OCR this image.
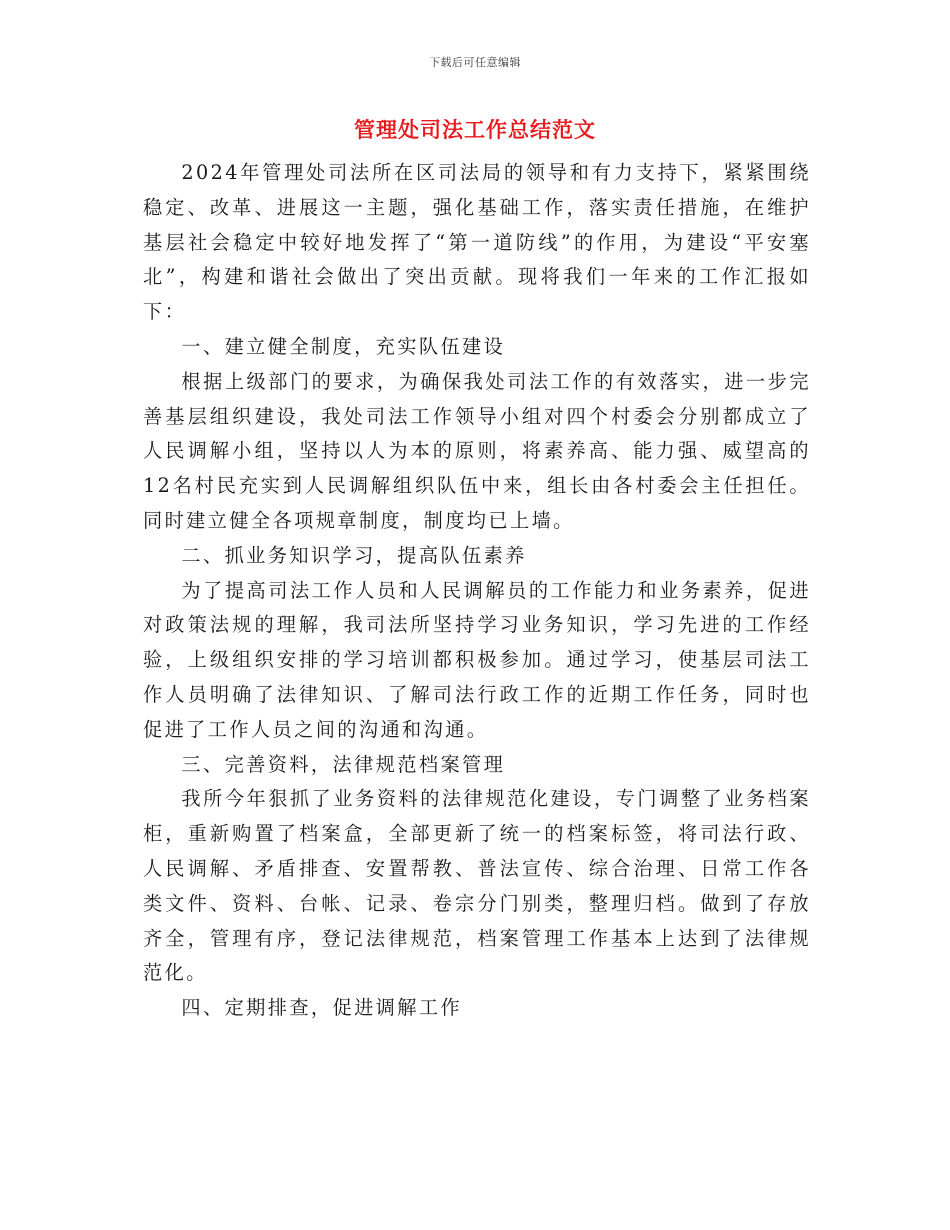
下载后可任意编辑
管理处司法工作总结范文

2024年管理处司法所在区司法局的领导和有力支持下，紧紧围绕稳定、改革、进展这一主题，强化基础工作，落实责任措施，在维护基层社会稳定中较好地发挥了“第一道防线”的作用，为建设“平安塞北”，构建和谐社会做出了突出贡献。现将我们一年来的工作汇报如下：

一、建立健全制度，充实队伍建设

根据上级部门的要求，为确保我处司法工作的有效落实，进一步完善基层组织建设，我处司法工作领导小组对四个村委会分别都成立了人民调解小组，坚持以人为本的原则，将素养高、能力强、威望高的12名村民充实到人民调解组织队伍中来，组长由各村委会主任担任。同时建立健全各项规章制度，制度均已上墙。

二、抓业务知识学习，提高队伍素养

为了提高司法工作人员和人民调解员的工作能力和业务素养，促进对政策法规的理解，我司法所坚持学习业务知识，学习先进的工作经验，上级组织安排的学习培训都积极参加。通过学习，使基层司法工作人员明确了法律知识、了解司法行政工作的近期工作任务，同时也促进了工作人员之间的沟通和沟通。

三、完善资料，法律规范档案管理

我所今年狠抓了业务资料的法律规范化建设，专门调整了业务档案柜，重新购置了档案盒，全部更新了统一的档案标签，将司法行政、人民调解、矛盾排查、安置帮教、普法宣传、综合治理、日常工作各类文件、资料、台帐、记录、卷宗分门别类，整理归档。做到了存放齐全，管理有序，登记法律规范，档案管理工作基本上达到了法律规范化。

四、定期排查，促进调解工作
